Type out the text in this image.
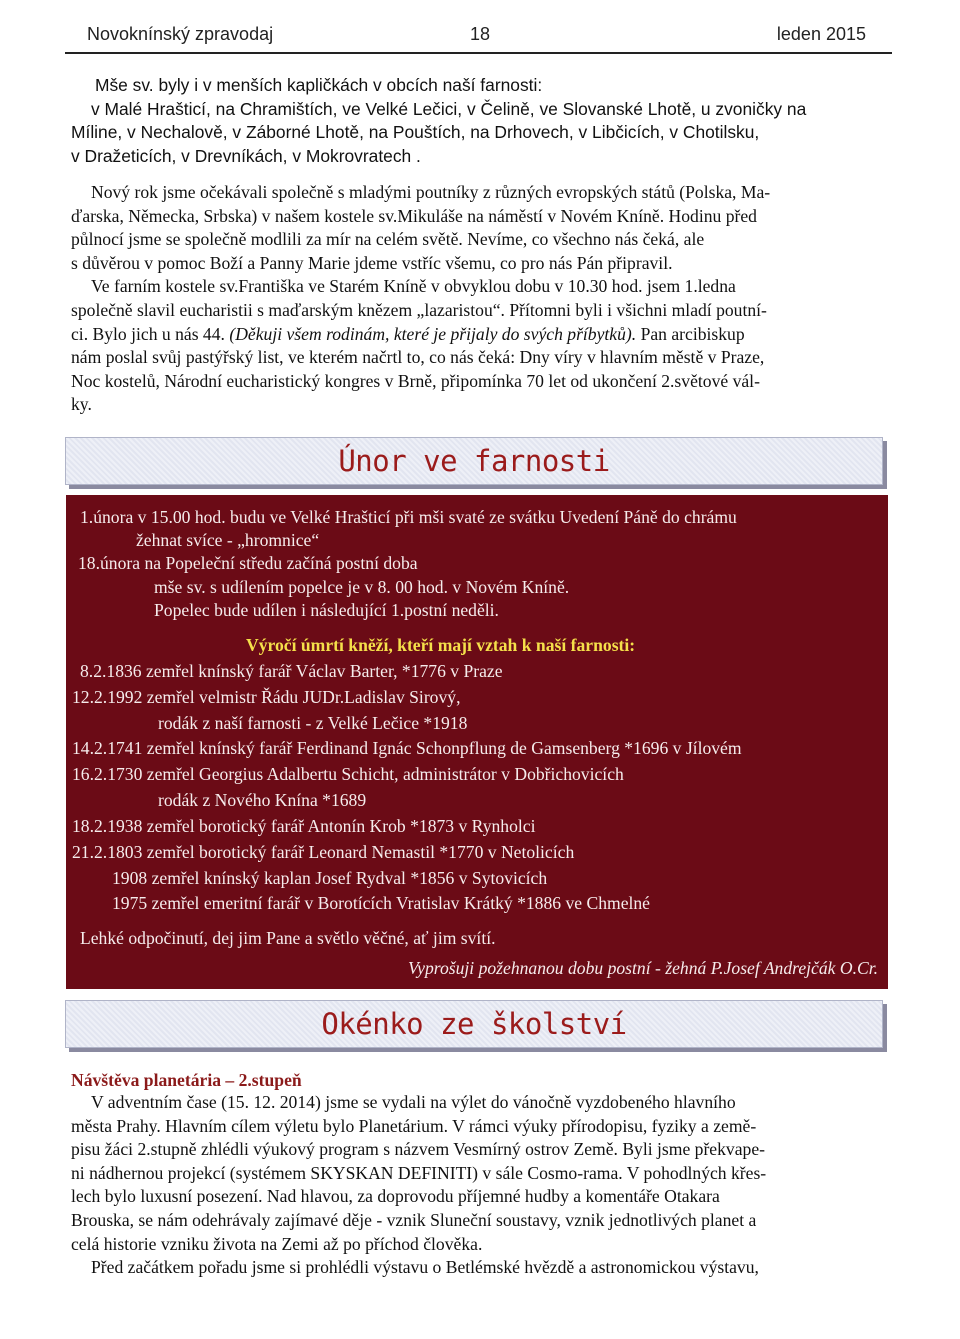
Novoknínský zpravodaj	18	leden 2015
Mše sv. byly i v menších kapličkách v obcích naší farnosti:
v Malé Hrašticí, na Chramištích, ve Velké Lečici, v Čelině, ve Slovanské Lhotě, u zvoničky na
Míline, v Nechalově, v Záborné Lhotě, na Pouštích, na Drhovech, v Libčicích, v Chotilsku,
v Dražeticích, v Drevníkách, v Mokrovratech .
Nový rok jsme očekávali společně s mladými poutníky z různých evropských států (Polska, Ma-
ďarska, Německa, Srbska) v našem kostele sv.Mikuláše na náměstí v Novém Kníně. Hodinu před
půlnocí jsme se společně modlili za mír na celém světě. Nevíme, co všechno nás čeká, ale
s důvěrou v pomoc Boží a Panny Marie jdeme vstříc všemu, co pro nás Pán připravil.
Ve farním kostele sv.Františka ve Starém Kníně v obvyklou dobu v 10.30 hod. jsem 1.ledna
společně slavil eucharistii s maďarským knězem „lazaristou“. Přítomni byli i všichni mladí poutní-
ci. Bylo jich u nás 44. (Děkuji všem rodinám, které je přijaly do svých příbytků). Pan arcibiskup
nám poslal svůj pastýřský list, ve kterém načrtl to, co nás čeká: Dny víry v hlavním městě v Praze,
Noc kostelů, Národní eucharistický kongres v Brně, připomínka 70 let od ukončení 2.světové vál-
ky.
Únor ve farnosti
1.února v 15.00 hod. budu ve Velké Hrašticí při mši svaté ze svátku Uvedení Páně do chrámu
žehnat svíce - „hromnice“
18.února na Popeleční středu začíná postní doba
mše sv. s udílením popelce je v 8. 00 hod. v Novém Kníně.
Popelec bude udílen i následující 1.postní neděli.
Výročí úmrtí kněží, kteří mají vztah k naší farnosti:
8.2.1836 zemřel knínský farář Václav Barter, *1776 v Praze
12.2.1992 zemřel velmistr Řádu JUDr.Ladislav Sirový,
rodák z naší farnosti - z Velké Lečice *1918
14.2.1741 zemřel knínský farář Ferdinand Ignác Schonpflung de Gamsenberg *1696 v Jílovém
16.2.1730 zemřel Georgius Adalbertu Schicht, administrátor v Dobřichovicích
rodák z Nového Knína *1689
18.2.1938 zemřel borotický farář Antonín Krob *1873 v Rynholci
21.2.1803 zemřel borotický farář Leonard Nemastil *1770 v Netolicích
1908 zemřel knínský kaplan Josef Rydval *1856 v Sytovicích
1975 zemřel emeritní farář v Borotících Vratislav Krátký *1886 ve Chmelné
Lehké odpočinutí, dej jim Pane a světlo věčné, ať jim svítí.
Vyprošuji požehnanou dobu postní - žehná P.Josef Andrejčák O.Cr.
Okénko ze školství
Návštěva planetária – 2.stupeň
V adventním čase (15. 12. 2014) jsme se vydali na výlet do vánočně vyzdobeného hlavního
města Prahy. Hlavním cílem výletu bylo Planetárium. V rámci výuky přírodopisu, fyziky a země-
pisu žáci 2.stupně zhlédli výukový program s názvem Vesmírný ostrov Země. Byli jsme překvape-
ni nádhernou projekcí (systémem SKYSKAN DEFINITI) v sále Cosmo-rama. V pohodlných křes-
lech bylo luxusní posezení. Nad hlavou, za doprovodu příjemné hudby a komentáře Otakara
Brouska, se nám odehrávaly zajímavé děje - vznik Sluneční soustavy, vznik jednotlivých planet a
celá historie vzniku života na Zemi až po příchod člověka.
Před začátkem pořadu jsme si prohlédli výstavu o Betlémské hvězdě a astronomickou výstavu,
